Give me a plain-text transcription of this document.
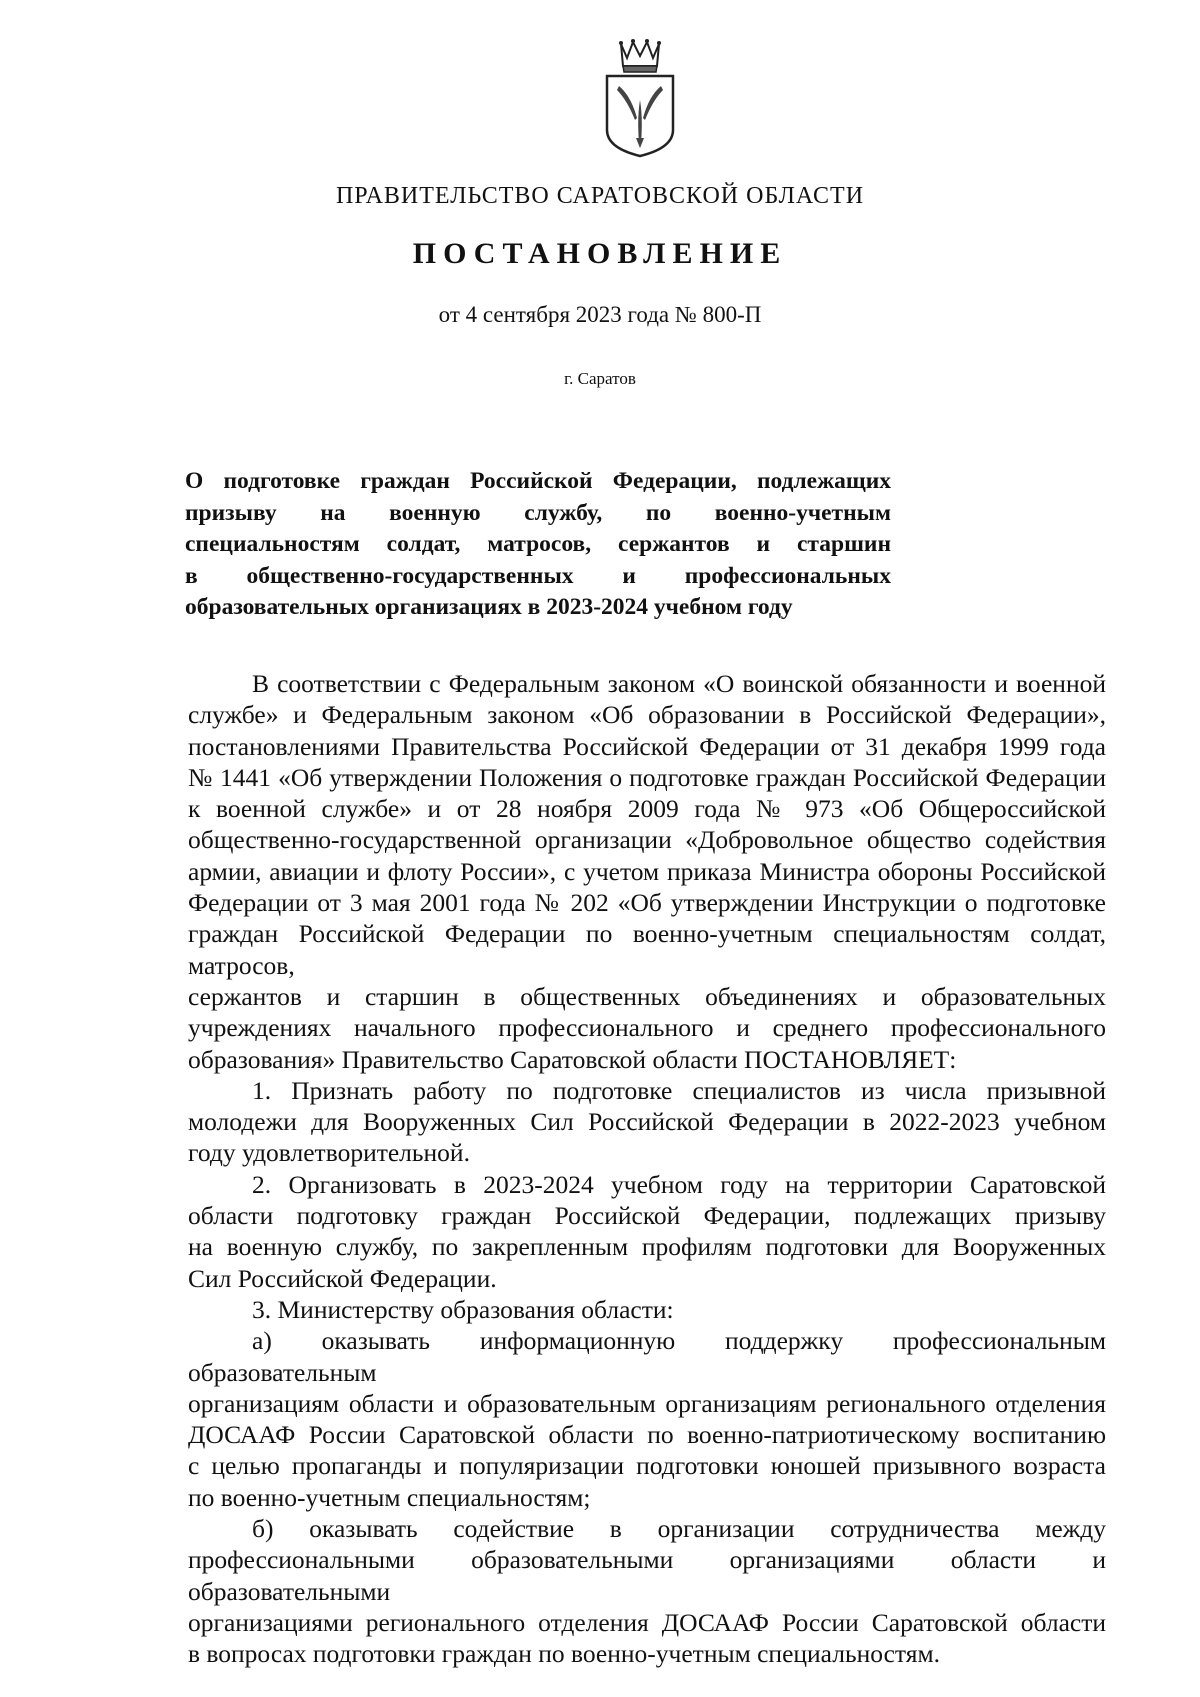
ПРАВИТЕЛЬСТВО САРАТОВСКОЙ ОБЛАСТИ
ПОСТАНОВЛЕНИЕ
от 4 сентября 2023 года № 800-П
г. Саратов
О подготовке граждан Российской Федерации, подлежащих
призыву на военную службу, по военно-учетным
специальностям солдат, матросов, сержантов и старшин
в общественно-государственных и профессиональных
образовательных организациях в 2023-2024 учебном году
В соответствии с Федеральным законом «О воинской обязанности и военной
службе» и Федеральным законом «Об образовании в Российской Федерации»,
постановлениями Правительства Российской Федерации от 31 декабря 1999 года
№ 1441 «Об утверждении Положения о подготовке граждан Российской Федерации
к военной службе» и от 28 ноября 2009 года № 973 «Об Общероссийской
общественно-государственной организации «Добровольное общество содействия
армии, авиации и флоту России», с учетом приказа Министра обороны Российской
Федерации от 3 мая 2001 года № 202 «Об утверждении Инструкции о подготовке
граждан Российской Федерации по военно-учетным специальностям солдат, матросов,
сержантов и старшин в общественных объединениях и образовательных
учреждениях начального профессионального и среднего профессионального
образования» Правительство Саратовской области ПОСТАНОВЛЯЕТ:
1. Признать работу по подготовке специалистов из числа призывной
молодежи для Вооруженных Сил Российской Федерации в 2022-2023 учебном
году удовлетворительной.
2. Организовать в 2023-2024 учебном году на территории Саратовской
области подготовку граждан Российской Федерации, подлежащих призыву
на военную службу, по закрепленным профилям подготовки для Вооруженных
Сил Российской Федерации.
3. Министерству образования области:
а) оказывать информационную поддержку профессиональным образовательным
организациям области и образовательным организациям регионального отделения
ДОСААФ России Саратовской области по военно-патриотическому воспитанию
с целью пропаганды и популяризации подготовки юношей призывного возраста
по военно-учетным специальностям;
б) оказывать содействие в организации сотрудничества между
профессиональными образовательными организациями области и образовательными
организациями регионального отделения ДОСААФ России Саратовской области
в вопросах подготовки граждан по военно-учетным специальностям.
